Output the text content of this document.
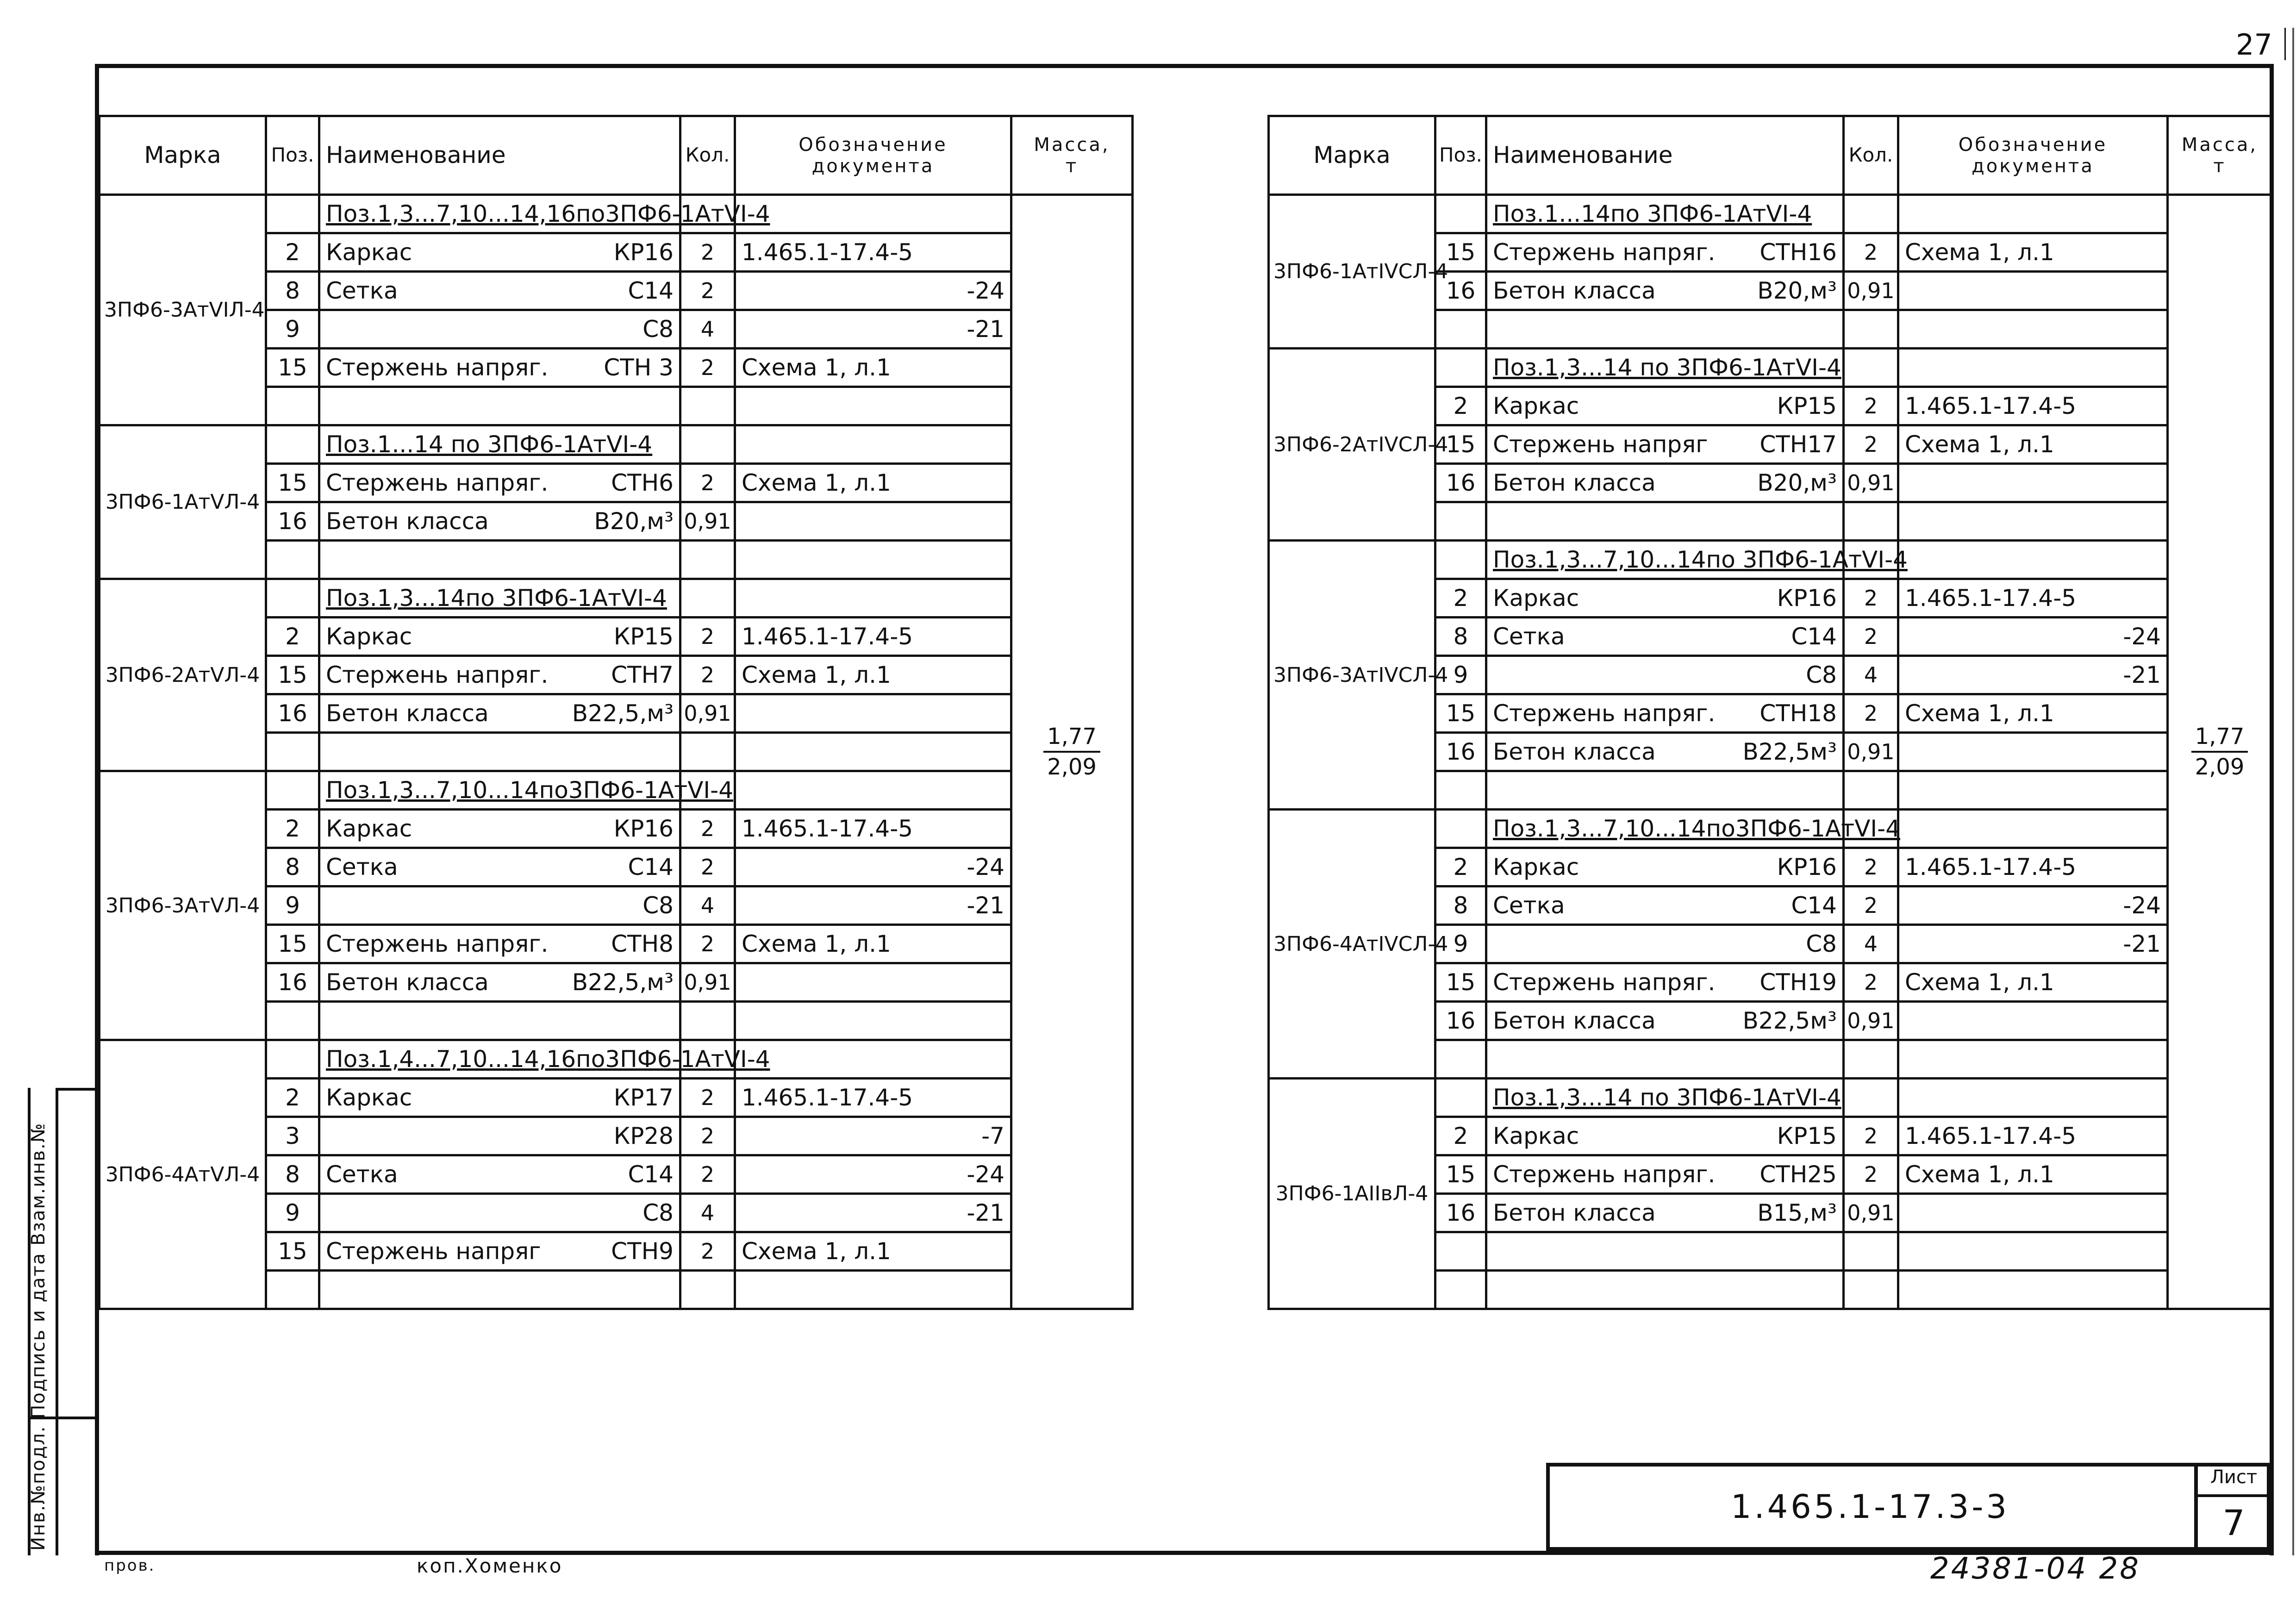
27
Инв.№подл. Подпись и дата Взам.инв.№
Марка	Поз.	Наименование	Кол.	Обозначение документа	Масса,
т
3ПФ6-3АтVIЛ-4		Поз.1,3...7,10...14,16по3ПФ6-1АтVI-4			$\frac{1,77}{2,09}$

	2	Каркас КР16	2	1.465.1-17.4-5	
	8	Сетка С14	2	-24	
	9	С8	4	-21	
	15	Стержень напряг. СТН 3	2	Схема 1, л.1	

3ПФ6-1АтVЛ-4		Поз.1...14 по 3ПФ6-1АтVI-4			
	15	Стержень напряг. СТН6	2	Схема 1, л.1	
	16	Бетон класса В20,м³	0,91		

3ПФ6-2АтVЛ-4		Поз.1,3...14по 3ПФ6-1АтVI-4			
	2	Каркас КР15	2	1.465.1-17.4-5	
	15	Стержень напряг. СТН7	2	Схема 1, л.1	
	16	Бетон класса В22,5,м³	0,91		

3ПФ6-3АтVЛ-4		Поз.1,3...7,10...14по3ПФ6-1АтVI-4			
	2	Каркас КР16	2	1.465.1-17.4-5	
	8	Сетка С14	2	-24	
	9	С8	4	-21	
	15	Стержень напряг. СТН8	2	Схема 1, л.1	
	16	Бетон класса В22,5,м³	0,91		

3ПФ6-4АтVЛ-4		Поз.1,4...7,10...14,16по3ПФ6-1АтVI-4			
	2	Каркас КР17	2	1.465.1-17.4-5	
	3	КР28	2	-7	
	8	Сетка С14	2	-24	
	9	С8	4	-21	
	15	Стержень напряг СТН9	2	Схема 1, л.1	

Марка	Поз.	Наименование	Кол.	Обозначение документа	Масса,
т
3ПФ6-1АтIVСЛ-4		Поз.1...14по 3ПФ6-1АтVI-4			$\frac{1,77}{2,09}$

	15	Стержень напряг. СТН16	2	Схема 1, л.1	
	16	Бетон класса В20,м³	0,91		

3ПФ6-2АтIVСЛ-4		Поз.1,3...14 по 3ПФ6-1АтVI-4			
	2	Каркас КР15	2	1.465.1-17.4-5	
	15	Стержень напряг СТН17	2	Схема 1, л.1	
	16	Бетон класса В20,м³	0,91		

3ПФ6-3АтIVСЛ-4		Поз.1,3...7,10...14по 3ПФ6-1АтVI-4			
	2	Каркас КР16	2	1.465.1-17.4-5	
	8	Сетка С14	2	-24	
	9	С8	4	-21	
	15	Стержень напряг. СТН18	2	Схема 1, л.1	
	16	Бетон класса В22,5м³	0,91		

3ПФ6-4АтIVСЛ-4		Поз.1,3...7,10...14по3ПФ6-1АтVI-4			
	2	Каркас КР16	2	1.465.1-17.4-5	
	8	Сетка С14	2	-24	
	9	С8	4	-21	
	15	Стержень напряг. СТН19	2	Схема 1, л.1	
	16	Бетон класса В22,5м³	0,91		

3ПФ6-1АIIвЛ-4		Поз.1,3...14 по 3ПФ6-1АтVI-4			
	2	Каркас КР15	2	1.465.1-17.4-5	
	15	Стержень напряг. СТН25	2	Схема 1, л.1	
	16	Бетон класса В15,м³	0,91		

1.465.1-17.3-3
Лист
7
пров.	коп.Хоменко	24381-04 28
